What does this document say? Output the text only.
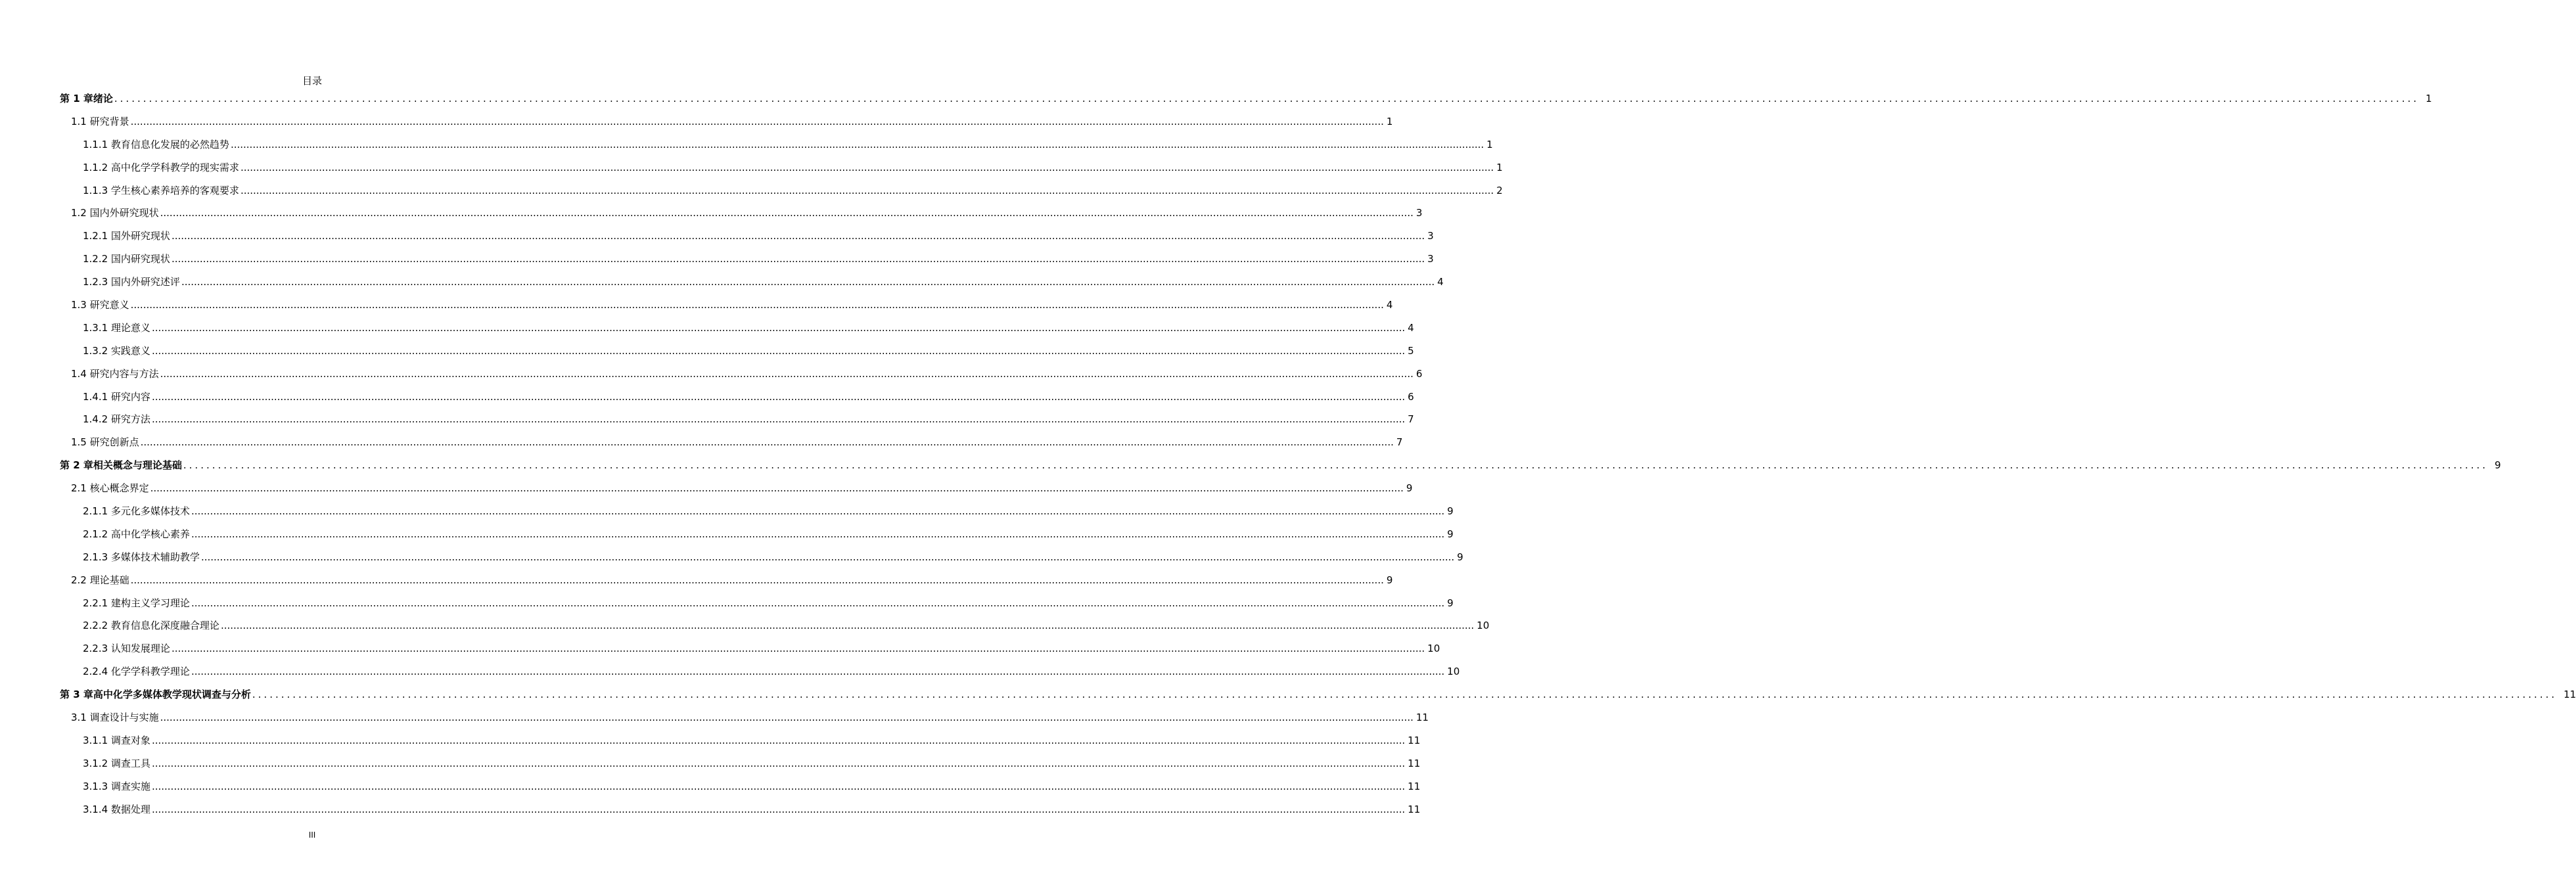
目录
第 1 章绪论 ................................................................................................................................................................................................................................................................................................................................................................................................................ 1
1.1 研究背景 ................................................................................................................................................................................................................................................................................................................................................................................................................ 1
1.1.1 教育信息化发展的必然趋势 ................................................................................................................................................................................................................................................................................................................................................................................................................ 1
1.1.2 高中化学学科教学的现实需求 ................................................................................................................................................................................................................................................................................................................................................................................................................ 1
1.1.3 学生核心素养培养的客观要求 ................................................................................................................................................................................................................................................................................................................................................................................................................ 2
1.2 国内外研究现状 ................................................................................................................................................................................................................................................................................................................................................................................................................ 3
1.2.1 国外研究现状 ................................................................................................................................................................................................................................................................................................................................................................................................................ 3
1.2.2 国内研究现状 ................................................................................................................................................................................................................................................................................................................................................................................................................ 3
1.2.3 国内外研究述评 ................................................................................................................................................................................................................................................................................................................................................................................................................ 4
1.3 研究意义 ................................................................................................................................................................................................................................................................................................................................................................................................................ 4
1.3.1 理论意义 ................................................................................................................................................................................................................................................................................................................................................................................................................ 4
1.3.2 实践意义 ................................................................................................................................................................................................................................................................................................................................................................................................................ 5
1.4 研究内容与方法 ................................................................................................................................................................................................................................................................................................................................................................................................................ 6
1.4.1 研究内容 ................................................................................................................................................................................................................................................................................................................................................................................................................ 6
1.4.2 研究方法 ................................................................................................................................................................................................................................................................................................................................................................................................................ 7
1.5 研究创新点 ................................................................................................................................................................................................................................................................................................................................................................................................................ 7
第 2 章相关概念与理论基础 ................................................................................................................................................................................................................................................................................................................................................................................................................ 9
2.1 核心概念界定 ................................................................................................................................................................................................................................................................................................................................................................................................................ 9
2.1.1 多元化多媒体技术 ................................................................................................................................................................................................................................................................................................................................................................................................................ 9
2.1.2 高中化学核心素养 ................................................................................................................................................................................................................................................................................................................................................................................................................ 9
2.1.3 多媒体技术辅助教学 ................................................................................................................................................................................................................................................................................................................................................................................................................ 9
2.2 理论基础 ................................................................................................................................................................................................................................................................................................................................................................................................................ 9
2.2.1 建构主义学习理论 ................................................................................................................................................................................................................................................................................................................................................................................................................ 9
2.2.2 教育信息化深度融合理论 ................................................................................................................................................................................................................................................................................................................................................................................................................ 10
2.2.3 认知发展理论 ................................................................................................................................................................................................................................................................................................................................................................................................................ 10
2.2.4 化学学科教学理论 ................................................................................................................................................................................................................................................................................................................................................................................................................ 10
第 3 章高中化学多媒体教学现状调查与分析 ................................................................................................................................................................................................................................................................................................................................................................................................................ 11
3.1 调查设计与实施 ................................................................................................................................................................................................................................................................................................................................................................................................................ 11
3.1.1 调查对象 ................................................................................................................................................................................................................................................................................................................................................................................................................ 11
3.1.2 调查工具 ................................................................................................................................................................................................................................................................................................................................................................................................................ 11
3.1.3 调查实施 ................................................................................................................................................................................................................................................................................................................................................................................................................ 11
3.1.4 数据处理 ................................................................................................................................................................................................................................................................................................................................................................................................................ 11
III
